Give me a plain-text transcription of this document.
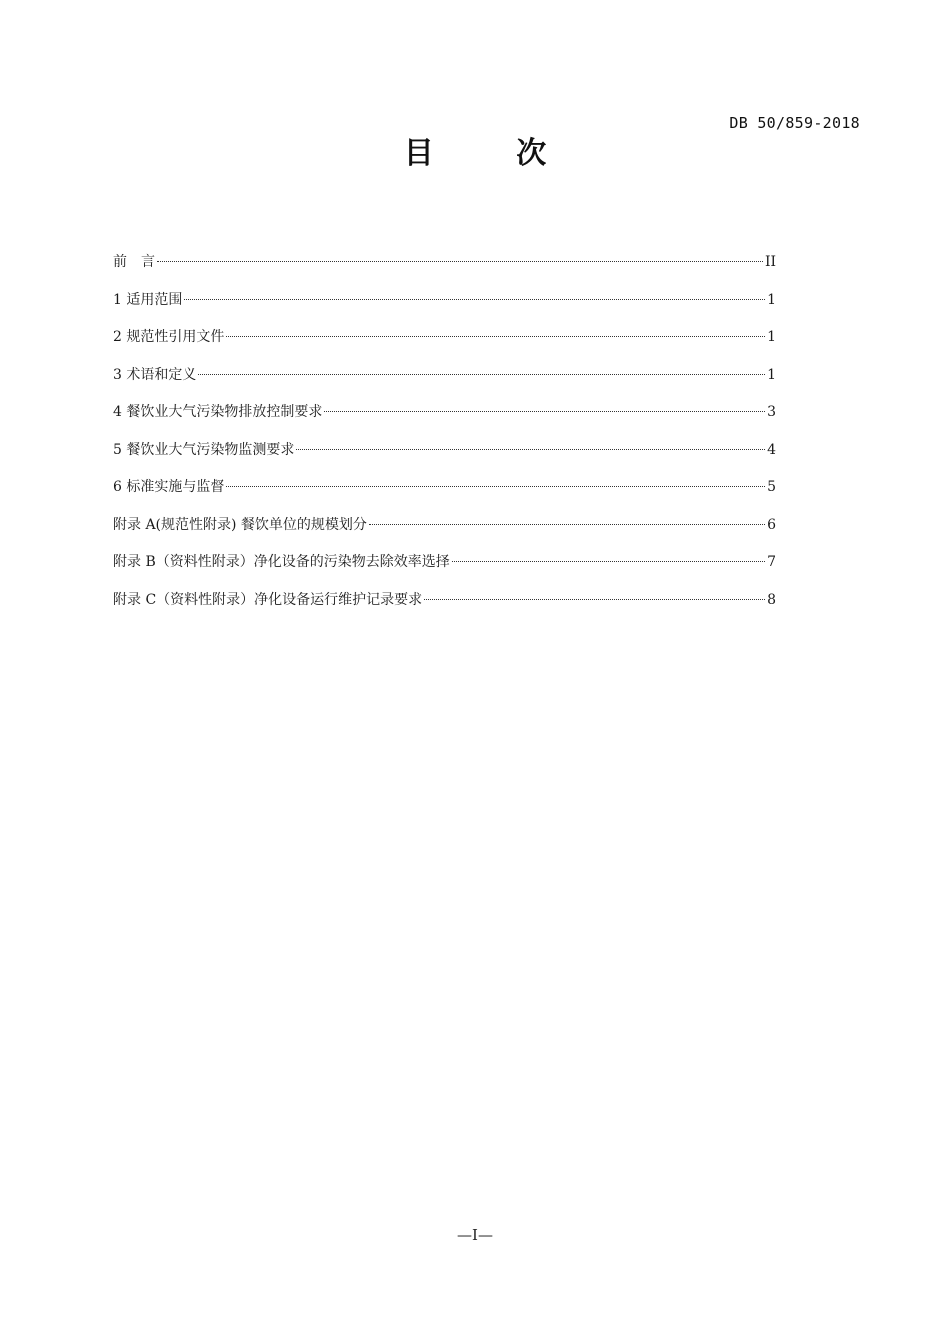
DB 50/859-2018
目 次
前　言	II
1 适用范围	1
2 规范性引用文件	1
3 术语和定义	1
4 餐饮业大气污染物排放控制要求	3
5 餐饮业大气污染物监测要求	4
6 标准实施与监督	5
附录 A(规范性附录) 餐饮单位的规模划分	6
附录 B（资料性附录）净化设备的污染物去除效率选择	7
附录 C（资料性附录）净化设备运行维护记录要求	8
—I—
